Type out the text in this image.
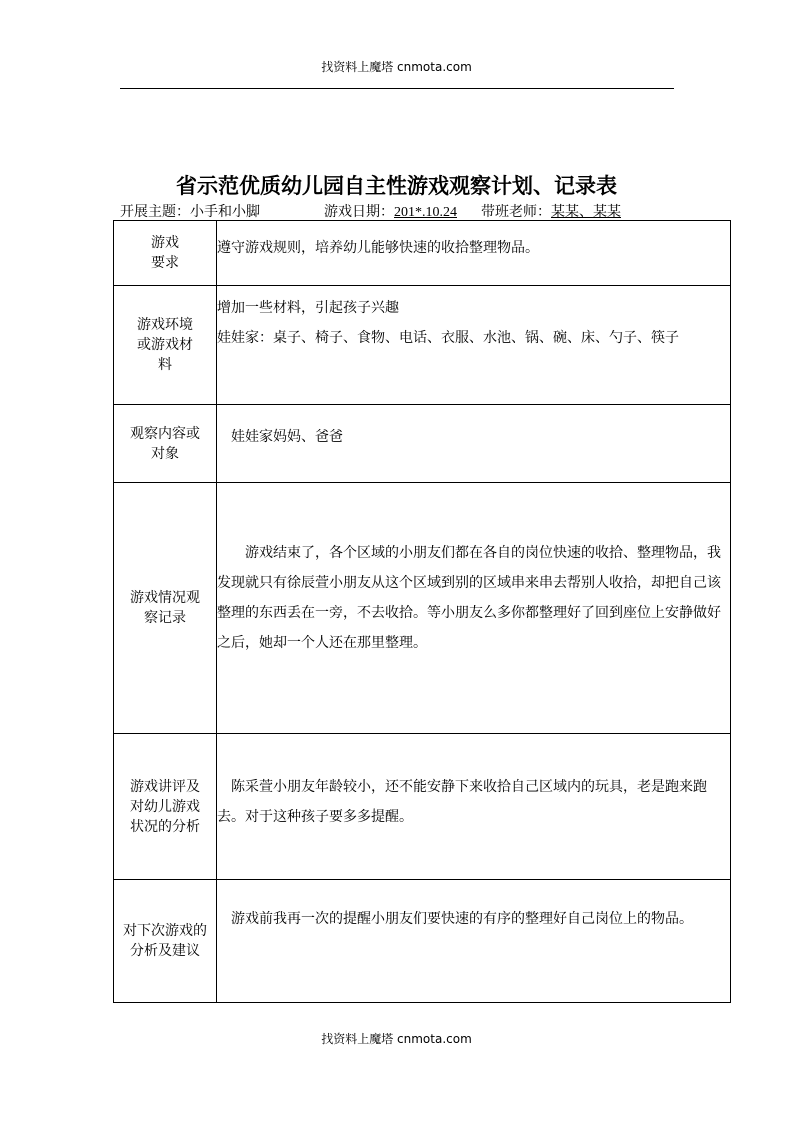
找资料上魔塔 cnmota.com
省示范优质幼儿园自主性游戏观察计划、记录表
开展主题：小手和小脚	游戏日期：201*.10.24 带班老师：某某、某某
游戏要求	遵守游戏规则，培养幼儿能够快速的收拾整理物品。

游戏环境或游戏材料	增加一些材料，引起孩子兴趣
娃娃家：桌子、椅子、食物、电话、衣服、水池、锅、碗、床、勺子、筷子

观察内容或对象	娃娃家妈妈、爸爸

游戏情况观察记录	游戏结束了，各个区域的小朋友们都在各自的岗位快速的收拾、整理物品，我发现就只有徐辰萱小朋友从这个区域到别的区域串来串去帮别人收拾，却把自己该整理的东西丢在一旁，不去收拾。等小朋友么多你都整理好了回到座位上安静做好之后，她却一个人还在那里整理。

游戏讲评及对幼儿游戏状况的分析	陈采萱小朋友年龄较小，还不能安静下来收拾自己区域内的玩具，老是跑来跑去。对于这种孩子要多多提醒。

对下次游戏的分析及建议	游戏前我再一次的提醒小朋友们要快速的有序的整理好自己岗位上的物品。
找资料上魔塔 cnmota.com
